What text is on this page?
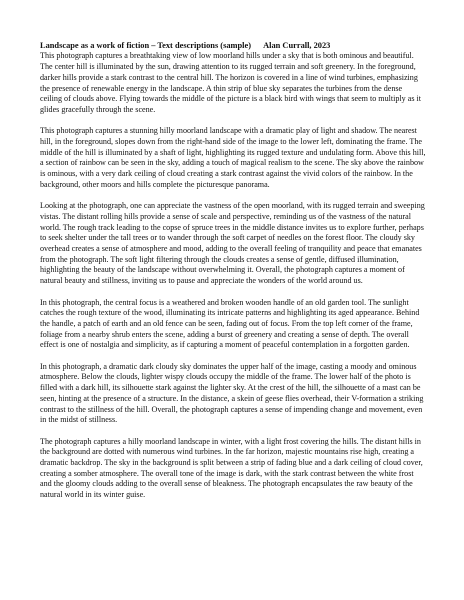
Landscape as a work of fiction – Text descriptions (sample) Alan Currall, 2023

This photograph captures a breathtaking view of low moorland hills under a sky that is both ominous and beautiful. The center hill is illuminated by the sun, drawing attention to its rugged terrain and soft greenery. In the foreground, darker hills provide a stark contrast to the central hill. The horizon is covered in a line of wind turbines, emphasizing the presence of renewable energy in the landscape. A thin strip of blue sky separates the turbines from the dense ceiling of clouds above. Flying towards the middle of the picture is a black bird with wings that seem to multiply as it glides gracefully through the scene.

This photograph captures a stunning hilly moorland landscape with a dramatic play of light and shadow. The nearest hill, in the foreground, slopes down from the right-hand side of the image to the lower left, dominating the frame. The middle of the hill is illuminated by a shaft of light, highlighting its rugged texture and undulating form. Above this hill, a section of rainbow can be seen in the sky, adding a touch of magical realism to the scene. The sky above the rainbow is ominous, with a very dark ceiling of cloud creating a stark contrast against the vivid colors of the rainbow. In the background, other moors and hills complete the picturesque panorama.

Looking at the photograph, one can appreciate the vastness of the open moorland, with its rugged terrain and sweeping vistas. The distant rolling hills provide a sense of scale and perspective, reminding us of the vastness of the natural world. The rough track leading to the copse of spruce trees in the middle distance invites us to explore further, perhaps to seek shelter under the tall trees or to wander through the soft carpet of needles on the forest floor. The cloudy sky overhead creates a sense of atmosphere and mood, adding to the overall feeling of tranquility and peace that emanates from the photograph. The soft light filtering through the clouds creates a sense of gentle, diffused illumination, highlighting the beauty of the landscape without overwhelming it. Overall, the photograph captures a moment of natural beauty and stillness, inviting us to pause and appreciate the wonders of the world around us.

In this photograph, the central focus is a weathered and broken wooden handle of an old garden tool. The sunlight catches the rough texture of the wood, illuminating its intricate patterns and highlighting its aged appearance. Behind the handle, a patch of earth and an old fence can be seen, fading out of focus. From the top left corner of the frame, foliage from a nearby shrub enters the scene, adding a burst of greenery and creating a sense of depth. The overall effect is one of nostalgia and simplicity, as if capturing a moment of peaceful contemplation in a forgotten garden.

In this photograph, a dramatic dark cloudy sky dominates the upper half of the image, casting a moody and ominous atmosphere. Below the clouds, lighter wispy clouds occupy the middle of the frame. The lower half of the photo is filled with a dark hill, its silhouette stark against the lighter sky. At the crest of the hill, the silhouette of a mast can be seen, hinting at the presence of a structure. In the distance, a skein of geese flies overhead, their V-formation a striking contrast to the stillness of the hill. Overall, the photograph captures a sense of impending change and movement, even in the midst of stillness.

The photograph captures a hilly moorland landscape in winter, with a light frost covering the hills. The distant hills in the background are dotted with numerous wind turbines. In the far horizon, majestic mountains rise high, creating a dramatic backdrop. The sky in the background is split between a strip of fading blue and a dark ceiling of cloud cover, creating a somber atmosphere. The overall tone of the image is dark, with the stark contrast between the white frost and the gloomy clouds adding to the overall sense of bleakness. The photograph encapsulates the raw beauty of the natural world in its winter guise.
